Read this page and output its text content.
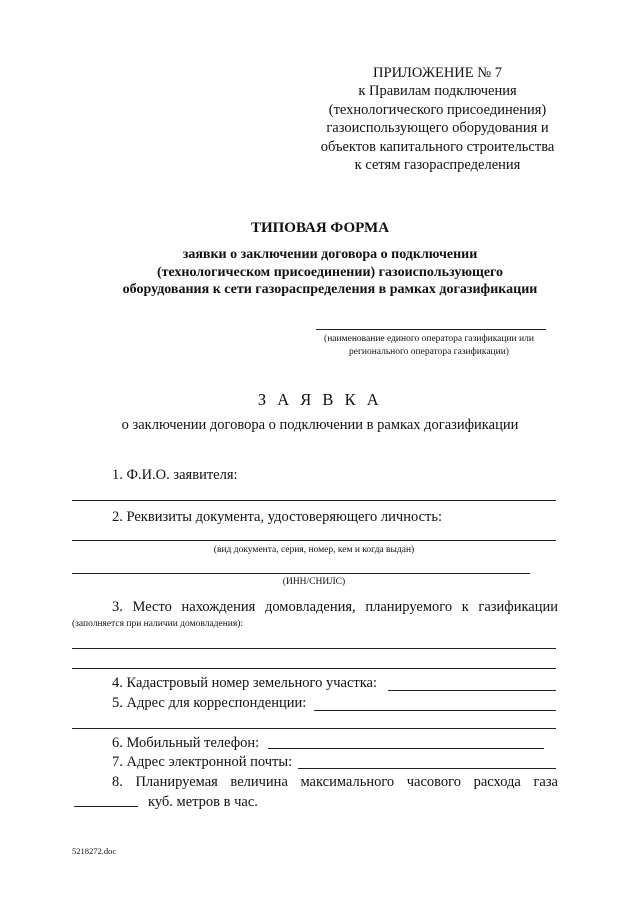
ПРИЛОЖЕНИЕ № 7
к Правилам подключения
(технологического присоединения)
газоиспользующего оборудования и
объектов капитального строительства
к сетям газораспределения
ТИПОВАЯ ФОРМА
заявки о заключении договора о подключении
(технологическом присоединении) газоиспользующего
оборудования к сети газораспределения в рамках догазификации
(наименование единого оператора газификации или
регионального оператора газификации)
З А Я В К А
о заключении договора о подключении в рамках догазификации
1. Ф.И.О. заявителя:
2. Реквизиты документа, удостоверяющего личность:
(вид документа, серия, номер, кем и когда выдан)
(ИНН/СНИЛС)
3. Место нахождения домовладения, планируемого к газификации
(заполняется при наличии домовладения):
4. Кадастровый номер земельного участка:
5. Адрес для корреспонденции:
6. Мобильный телефон:
7. Адрес электронной почты:
8. Планируемая величина максимального часового расхода газа
куб. метров в час.
5218272.doc
